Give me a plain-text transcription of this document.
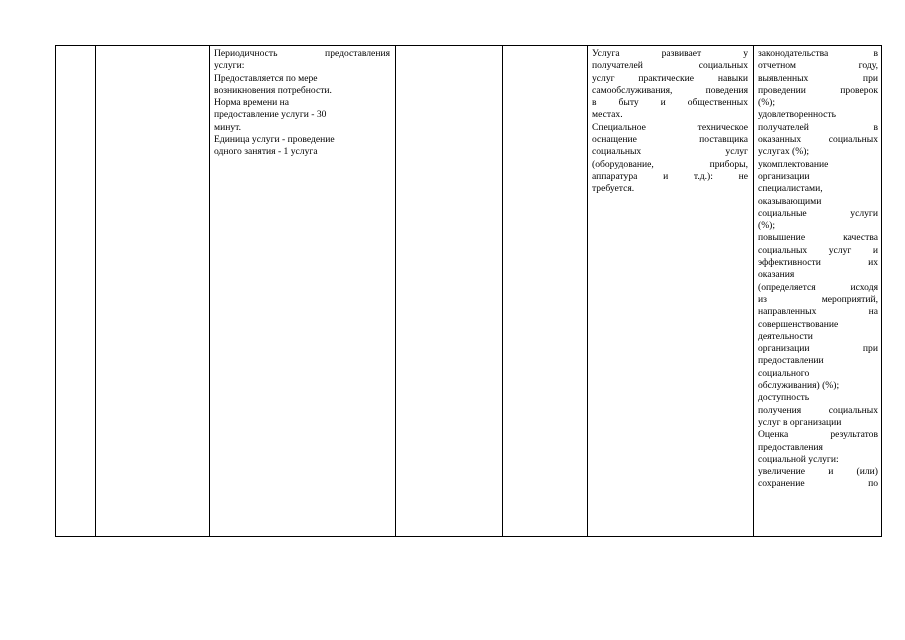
Периодичность предоставления
услуги:
Предоставляется по мере
возникновения потребности.
Норма времени на
предоставление услуги - 30
минут.
Единица услуги - проведение
одного занятия - 1 услуга
Услуга развивает у
получателей социальных
услуг практические навыки
самообслуживания, поведения
в быту и общественных
местах.
Специальное техническое
оснащение поставщика
социальных услуг
(оборудование, приборы,
аппаратура и т.д.): не
требуется.
законодательства в
отчетном году,
выявленных при
проведении проверок
(%);
удовлетворенность
получателей в
оказанных социальных
услугах (%);
укомплектование
организации
специалистами,
оказывающими
социальные услуги
(%);
повышение качества
социальных услуг и
эффективности их
оказания
(определяется исходя
из мероприятий,
направленных на
совершенствование
деятельности
организации при
предоставлении
социального
обслуживания) (%);
доступность
получения социальных
услуг в организации
Оценка результатов
предоставления
социальной услуги:
увеличение и (или)
сохранение по
